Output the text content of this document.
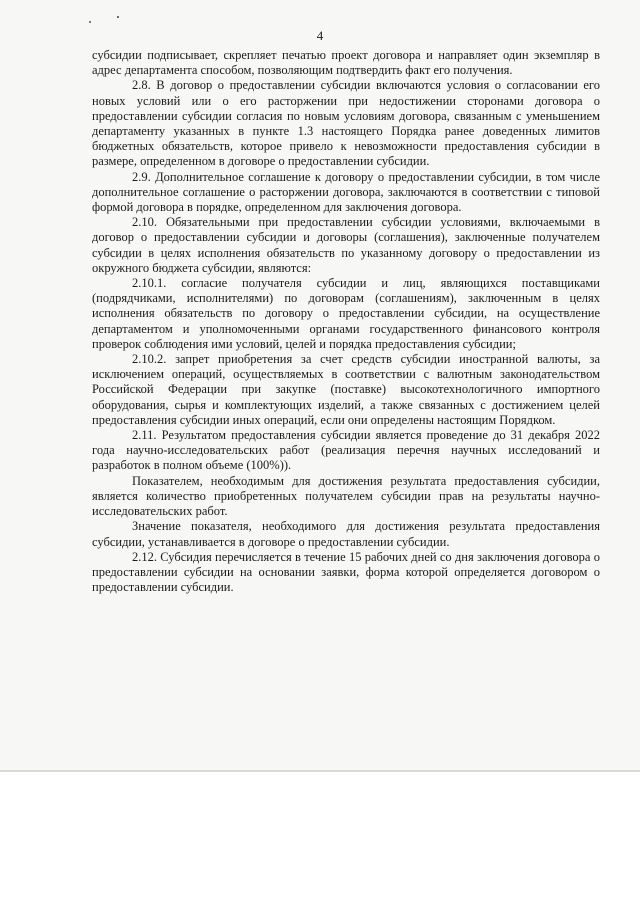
4

субсидии подписывает, скрепляет печатью проект договора и направляет один экземпляр в адрес департамента способом, позволяющим подтвердить факт его получения.

2.8. В договор о предоставлении субсидии включаются условия о согласовании его новых условий или о его расторжении при недостижении сторонами договора о предоставлении субсидии согласия по новым условиям договора, связанным с уменьшением департаменту указанных в пункте 1.3 настоящего Порядка ранее доведенных лимитов бюджетных обязательств, которое привело к невозможности предоставления субсидии в размере, определенном в договоре о предоставлении субсидии.

2.9. Дополнительное соглашение к договору о предоставлении субсидии, в том числе дополнительное соглашение о расторжении договора, заключаются в соответствии с типовой формой договора в порядке, определенном для заключения договора.

2.10. Обязательными при предоставлении субсидии условиями, включаемыми в договор о предоставлении субсидии и договоры (соглашения), заключенные получателем субсидии в целях исполнения обязательств по указанному договору о предоставлении из окружного бюджета субсидии, являются:

2.10.1. согласие получателя субсидии и лиц, являющихся поставщиками (подрядчиками, исполнителями) по договорам (соглашениям), заключенным в целях исполнения обязательств по договору о предоставлении субсидии, на осуществление департаментом и уполномоченными органами государственного финансового контроля проверок соблюдения ими условий, целей и порядка предоставления субсидии;

2.10.2. запрет приобретения за счет средств субсидии иностранной валюты, за исключением операций, осуществляемых в соответствии с валютным законодательством Российской Федерации при закупке (поставке) высокотехнологичного импортного оборудования, сырья и комплектующих изделий, а также связанных с достижением целей предоставления субсидии иных операций, если они определены настоящим Порядком.

2.11. Результатом предоставления субсидии является проведение до 31 декабря 2022 года научно-исследовательских работ (реализация перечня научных исследований и разработок в полном объеме (100%)).

Показателем, необходимым для достижения результата предоставления субсидии, является количество приобретенных получателем субсидии прав на результаты научно-исследовательских работ.

Значение показателя, необходимого для достижения результата предоставления субсидии, устанавливается в договоре о предоставлении субсидии.

2.12. Субсидия перечисляется в течение 15 рабочих дней со дня заключения договора о предоставлении субсидии на основании заявки, форма которой определяется договором о предоставлении субсидии.
